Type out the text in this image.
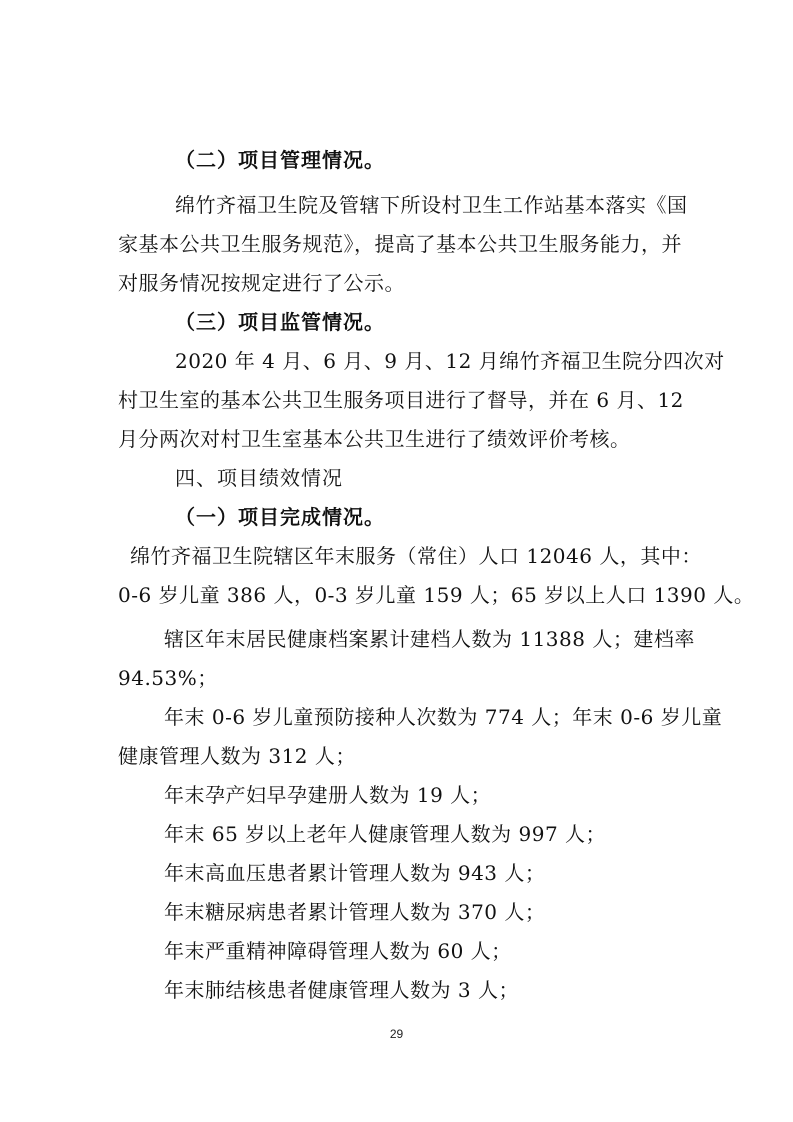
（二）项目管理情况。
绵竹齐福卫生院及管辖下所设村卫生工作站基本落实《国
家基本公共卫生服务规范》，提高了基本公共卫生服务能力，并
对服务情况按规定进行了公示。
（三）项目监管情况。
2020 年 4 月、6 月、9 月、12 月绵竹齐福卫生院分四次对
村卫生室的基本公共卫生服务项目进行了督导，并在 6 月、12
月分两次对村卫生室基本公共卫生进行了绩效评价考核。
四、项目绩效情况
（一）项目完成情况。
绵竹齐福卫生院辖区年末服务（常住）人口 12046 人，其中：
0-6 岁儿童 386 人，0-3 岁儿童 159 人；65 岁以上人口 1390 人。
辖区年末居民健康档案累计建档人数为 11388 人；建档率
94.53%；
年末 0-6 岁儿童预防接种人次数为 774 人；年末 0-6 岁儿童
健康管理人数为 312 人；
年末孕产妇早孕建册人数为 19 人；
年末 65 岁以上老年人健康管理人数为 997 人；
年末高血压患者累计管理人数为 943 人；
年末糖尿病患者累计管理人数为 370 人；
年末严重精神障碍管理人数为 60 人；
年末肺结核患者健康管理人数为 3 人；
29
